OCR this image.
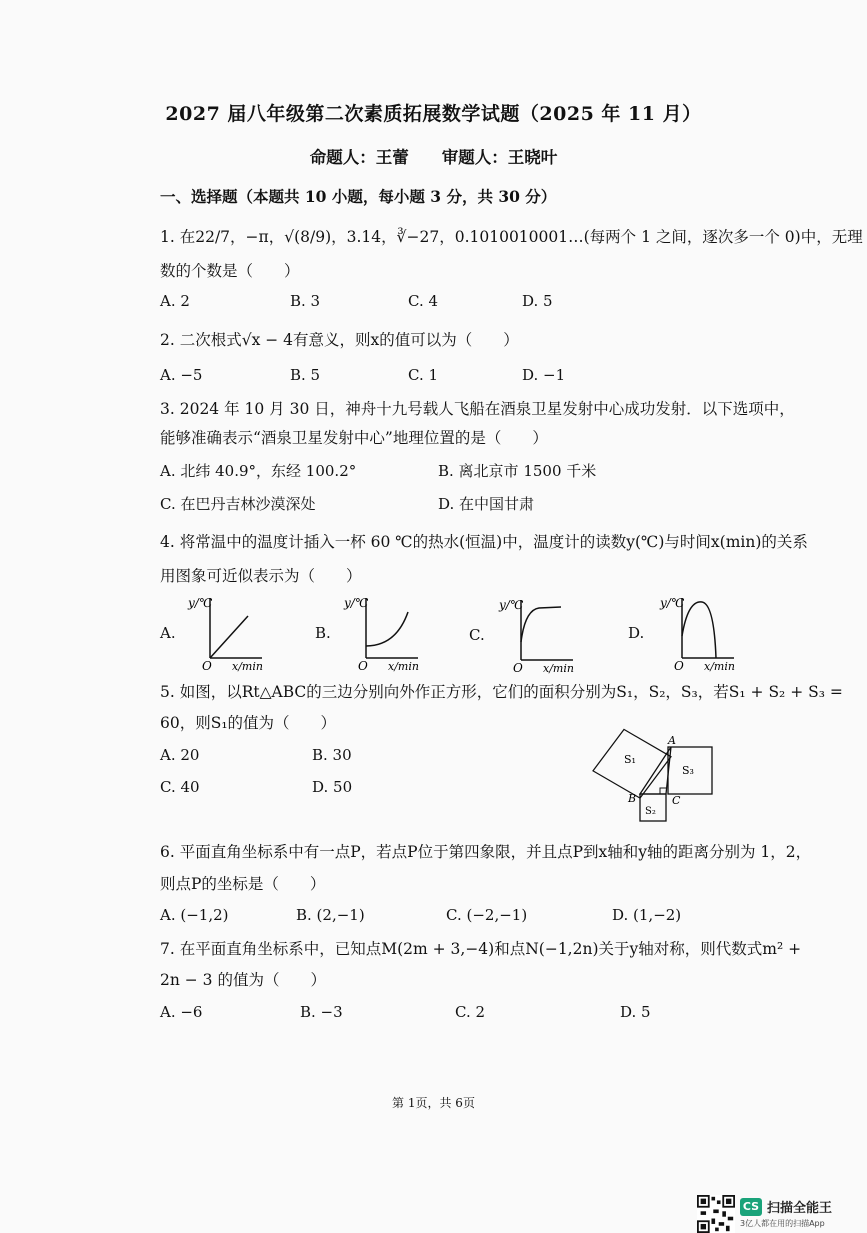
2027 届八年级第二次素质拓展数学试题（2025 年 11 月）
命题人：王蕾　　审题人：王晓叶
一、选择题（本题共 10 小题，每小题 3 分，共 30 分）
1. 在22/7，−π，√(8/9)，3.14，∛−27，0.1010010001…(每两个 1 之间，逐次多一个 0)中，无理
数的个数是（　　）
A. 2	B. 3	C. 4	D. 5
2. 二次根式√x − 4有意义，则x的值可以为（　　）
A. −5	B. 5	C. 1	D. −1
3. 2024 年 10 月 30 日，神舟十九号载人飞船在酒泉卫星发射中心成功发射．以下选项中，
能够准确表示“酒泉卫星发射中心”地理位置的是（　　）
A. 北纬 40.9°，东经 100.2°	B. 离北京市 1500 千米
C. 在巴丹吉林沙漠深处	D. 在中国甘肃
4. 将常温中的温度计插入一杯 60 ℃的热水(恒温)中，温度计的读数y(℃)与时间x(min)的关系
用图象可近似表示为（　　）
A.	B.	C.	D.
y/℃
O x/min
y/℃
O x/min
y/℃
O x/min
y/℃
O x/min
5. 如图，以Rt△ABC的三边分别向外作正方形，它们的面积分别为S₁，S₂，S₃，若S₁ + S₂ + S₃ =
60，则S₁的值为（　　）
A. 20	B. 30
C. 40	D. 50
A
B	C
S₁
S₂
S₃
6. 平面直角坐标系中有一点P，若点P位于第四象限，并且点P到x轴和y轴的距离分别为 1，2，
则点P的坐标是（　　）
A. (−1,2)	B. (2,−1)	C. (−2,−1)	D. (1,−2)
7. 在平面直角坐标系中，已知点M(2m + 3,−4)和点N(−1,2n)关于y轴对称，则代数式m² +
2n − 3 的值为（　　）
A. −6	B. −3	C. 2	D. 5
第 1页，共 6页
CS 扫描全能王
3亿人都在用的扫描App
